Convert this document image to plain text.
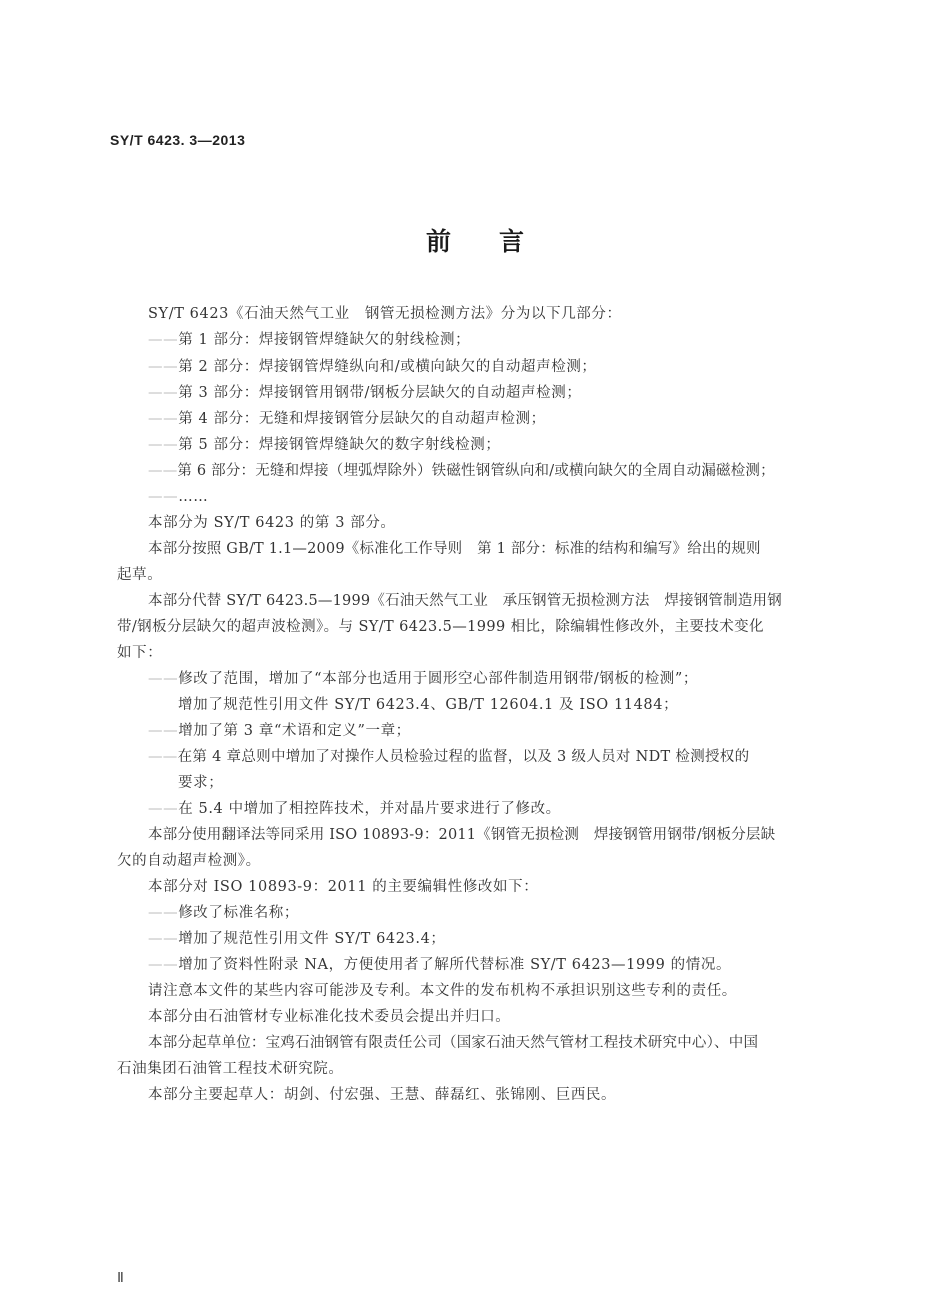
SY/T 6423. 3—2013
前 言

SY/T 6423《石油天然气工业　钢管无损检测方法》分为以下几部分：

——第 1 部分：焊接钢管焊缝缺欠的射线检测；

——第 2 部分：焊接钢管焊缝纵向和/或横向缺欠的自动超声检测；

——第 3 部分：焊接钢管用钢带/钢板分层缺欠的自动超声检测；

——第 4 部分：无缝和焊接钢管分层缺欠的自动超声检测；

——第 5 部分：焊接钢管焊缝缺欠的数字射线检测；

——第 6 部分：无缝和焊接（埋弧焊除外）铁磁性钢管纵向和/或横向缺欠的全周自动漏磁检测；

——……

本部分为 SY/T 6423 的第 3 部分。

本部分按照 GB/T 1.1—2009《标准化工作导则　第 1 部分：标准的结构和编写》给出的规则

起草。

本部分代替 SY/T 6423.5—1999《石油天然气工业　承压钢管无损检测方法　焊接钢管制造用钢

带/钢板分层缺欠的超声波检测》。与 SY/T 6423.5—1999 相比，除编辑性修改外，主要技术变化

如下：

——修改了范围，增加了“本部分也适用于圆形空心部件制造用钢带/钢板的检测”；

增加了规范性引用文件 SY/T 6423.4、GB/T 12604.1 及 ISO 11484；

——增加了第 3 章“术语和定义”一章；

——在第 4 章总则中增加了对操作人员检验过程的监督，以及 3 级人员对 NDT 检测授权的

要求；

——在 5.4 中增加了相控阵技术，并对晶片要求进行了修改。

本部分使用翻译法等同采用 ISO 10893-9：2011《钢管无损检测　焊接钢管用钢带/钢板分层缺

欠的自动超声检测》。

本部分对 ISO 10893-9：2011 的主要编辑性修改如下：

——修改了标准名称；

——增加了规范性引用文件 SY/T 6423.4；

——增加了资料性附录 NA，方便使用者了解所代替标准 SY/T 6423—1999 的情况。

请注意本文件的某些内容可能涉及专利。本文件的发布机构不承担识别这些专利的责任。

本部分由石油管材专业标准化技术委员会提出并归口。

本部分起草单位：宝鸡石油钢管有限责任公司（国家石油天然气管材工程技术研究中心）、中国

石油集团石油管工程技术研究院。

本部分主要起草人：胡剑、付宏强、王慧、薛磊红、张锦刚、巨西民。

Ⅱ
